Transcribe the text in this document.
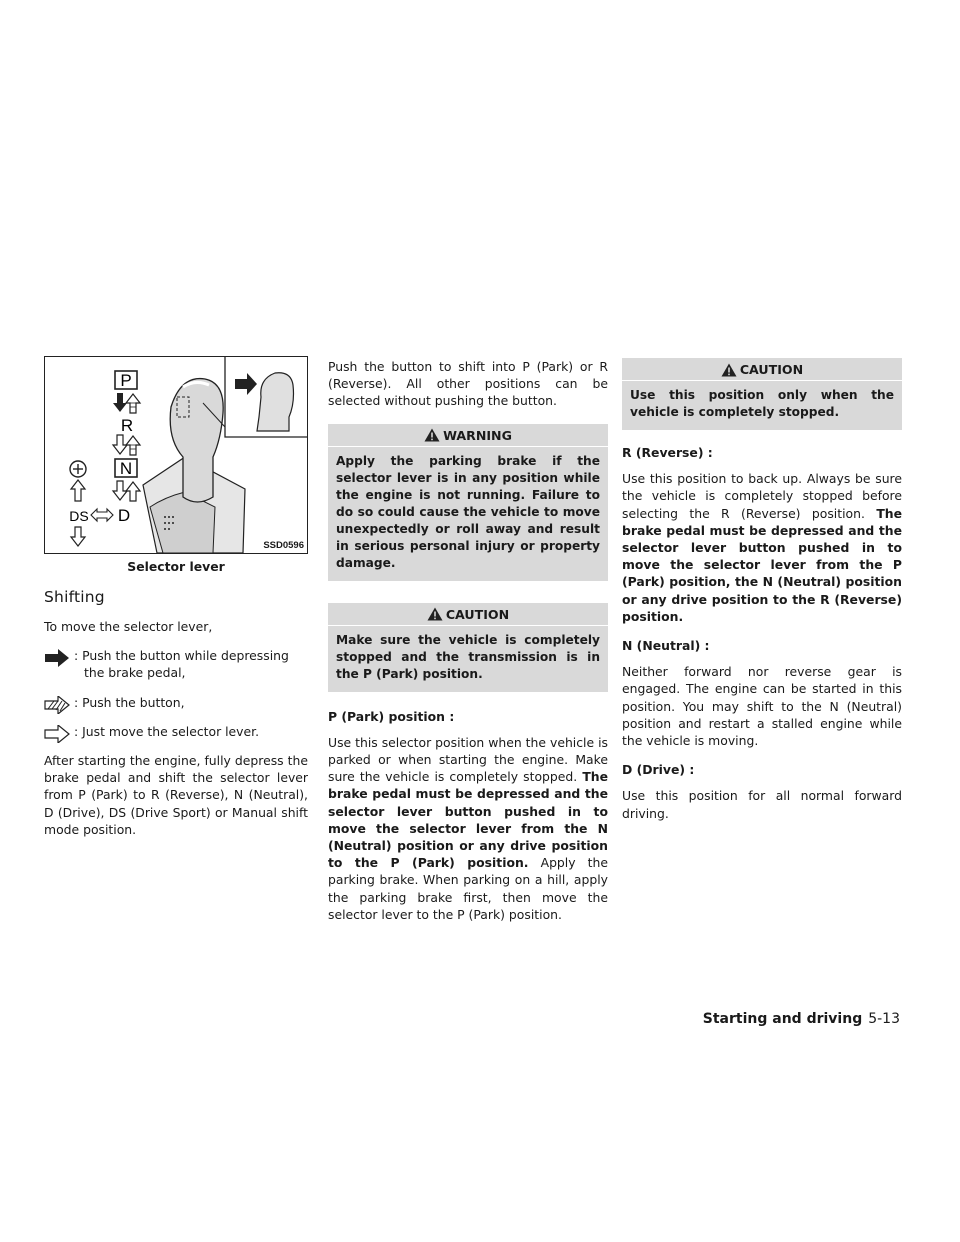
P
R
N
D
DS
SSD0596
Selector lever
Shifting

To move the selector lever,

: Push the button while depressing the brake pedal,
: Push the button,
: Just move the selector lever.

After starting the engine, fully depress the brake pedal and shift the selector lever from P (Park) to R (Reverse), N (Neutral), D (Drive), DS (Drive Sport) or Manual shift mode position.

Push the button to shift into P (Park) or R (Reverse). All other positions can be selected without pushing the button.

WARNING
Apply the parking brake if the selector lever is in any position while the engine is not running. Failure to do so could cause the vehicle to move unexpectedly or roll away and result in serious personal injury or property damage.
CAUTION
Make sure the vehicle is completely stopped and the transmission is in the P (Park) position.

P (Park) position :

Use this selector position when the vehicle is parked or when starting the engine. Make sure the vehicle is completely stopped. The brake pedal must be depressed and the selector lever button pushed in to move the selector lever from the N (Neutral) position or any drive position to the P (Park) position. Apply the parking brake. When parking on a hill, apply the parking brake first, then move the selector lever to the P (Park) position.

CAUTION
Use this position only when the vehicle is completely stopped.

R (Reverse) :

Use this position to back up. Always be sure the vehicle is completely stopped before selecting the R (Reverse) position. The brake pedal must be depressed and the selector lever button pushed in to move the selector lever from the P (Park) position, the N (Neutral) position or any drive position to the R (Reverse) position.

N (Neutral) :

Neither forward nor reverse gear is engaged. The engine can be started in this position. You may shift to the N (Neutral) position and restart a stalled engine while the vehicle is moving.

D (Drive) :

Use this position for all normal forward driving.

Starting and driving 5-13
